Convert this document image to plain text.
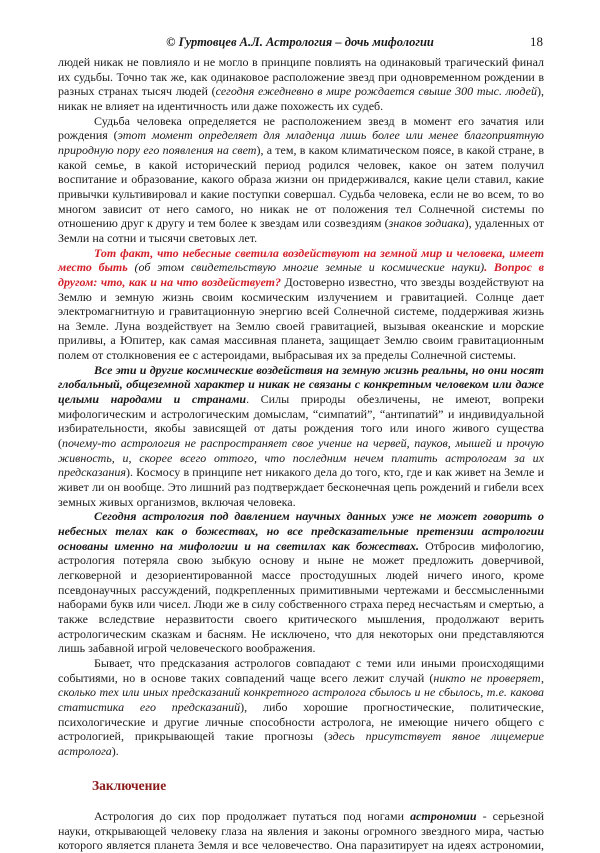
© Гуртовцев А.Л. Астрология – дочь мифологии	18

людей никак не повлияло и не могло в принципе повлиять на одинаковый трагический финал их судьбы. Точно так же, как одинаковое расположение звезд при одновременном рождении в разных странах тысяч людей (сегодня ежедневно в мире рождается свыше 300 тыс. людей), никак не влияет на идентичность или даже похожесть их судеб.

Судьба человека определяется не расположением звезд в момент его зачатия или рождения (этот момент определяет для младенца лишь более или менее благоприятную природную пору его появления на свет), а тем, в каком климатическом поясе, в какой стране, в какой семье, в какой исторический период родился человек, какое он затем получил воспитание и образование, какого образа жизни он придерживался, какие цели ставил, какие привычки культивировал и какие поступки совершал. Судьба человека, если не во всем, то во многом зависит от него самого, но никак не от положения тел Солнечной системы по отношению друг к другу и тем более к звездам или созвездиям (знаков зодиака), удаленных от Земли на сотни и тысячи световых лет.

Тот факт, что небесные светила воздействуют на земной мир и человека, имеет место быть (об этом свидетельствую многие земные и космические науки). Вопрос в другом: что, как и на что воздействует? Достоверно известно, что звезды воздействуют на Землю и земную жизнь своим космическим излучением и гравитацией. Солнце дает электромагнитную и гравитационную энергию всей Солнечной системе, поддерживая жизнь на Земле. Луна воздействует на Землю своей гравитацией, вызывая океанские и морские приливы, а Юпитер, как самая массивная планета, защищает Землю своим гравитационным полем от столкновения ее с астероидами, выбрасывая их за пределы Солнечной системы.

Все эти и другие космические воздействия на земную жизнь реальны, но они носят глобальный, общеземной характер и никак не связаны с конкретным человеком или даже целыми народами и странами. Силы природы обезличены, не имеют, вопреки мифологическим и астрологическим домыслам, “симпатий”, “антипатий” и индивидуальной избирательности, якобы зависящей от даты рождения того или иного живого существа (почему-то астрология не распространяет свое учение на червей, пауков, мышей и прочую живность, и, скорее всего оттого, что последним нечем платить астрологам за их предсказания). Космосу в принципе нет никакого дела до того, кто, где и как живет на Земле и живет ли он вообще. Это лишний раз подтверждает бесконечная цепь рождений и гибели всех земных живых организмов, включая человека.

Сегодня астрология под давлением научных данных уже не может говорить о небесных телах как о божествах, но все предсказательные претензии астрологии основаны именно на мифологии и на светилах как божествах. Отбросив мифологию, астрология потеряла свою зыбкую основу и ныне не может предложить доверчивой, легковерной и дезориентированной массе простодушных людей ничего иного, кроме псевдонаучных рассуждений, подкрепленных примитивными чертежами и бессмысленными наборами букв или чисел. Люди же в силу собственного страха перед несчастьям и смертью, а также вследствие неразвитости своего критического мышления, продолжают верить астрологическим сказкам и басням. Не исключено, что для некоторых они представляются лишь забавной игрой человеческого воображения.

Бывает, что предсказания астрологов совпадают с теми или иными происходящими событиями, но в основе таких совпадений чаще всего лежит случай (никто не проверяет, сколько тех или иных предсказаний конкретного астролога сбылось и не сбылось, т.е. какова статистика его предсказаний), либо хорошие прогностические, политические, психологические и другие личные способности астролога, не имеющие ничего общего с астрологией, прикрывающей такие прогнозы (здесь присутствует явное лицемерие астролога).

Заключение

Астрология до сих пор продолжает путаться под ногами астрономии - серьезной науки, открывающей человеку глаза на явления и законы огромного звездного мира, частью которого является планета Земля и все человечество. Она паразитирует на идеях астрономии,
